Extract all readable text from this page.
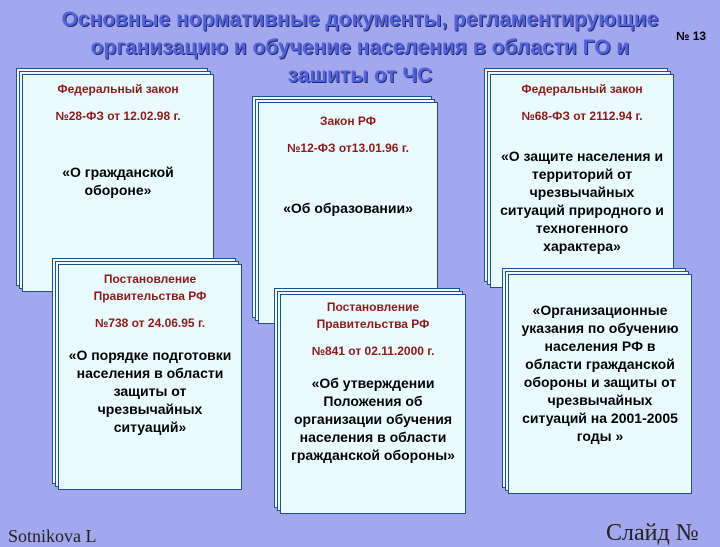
Основные нормативные документы, регламентирующие
организацию и обучение населения в области ГО и
зашиты от ЧС
№ 13
Федеральный закон
№28-ФЗ от 12.02.98 г.
«О гражданской обороне»
Закон РФ
№12-ФЗ от13.01.96 г.
«Об образовании»
Федеральный закон
№68-ФЗ от 2112.94 г.
«О защите населения и территорий от чрезвычайных ситуаций природного и техногенного характера»
Постановление Правительства РФ
№738 от 24.06.95 г.
«О порядке подготовки населения в области защиты от чрезвычайных ситуаций»
Постановление Правительства РФ
№841 от 02.11.2000 г.
«Об утверждении Положения об организации обучения населения в области гражданской обороны»
«Организационные указания по обучению населения РФ в области гражданской обороны и защиты от чрезвычайных ситуаций на 2001-2005 годы »
Sotnikova L	Слайд №
